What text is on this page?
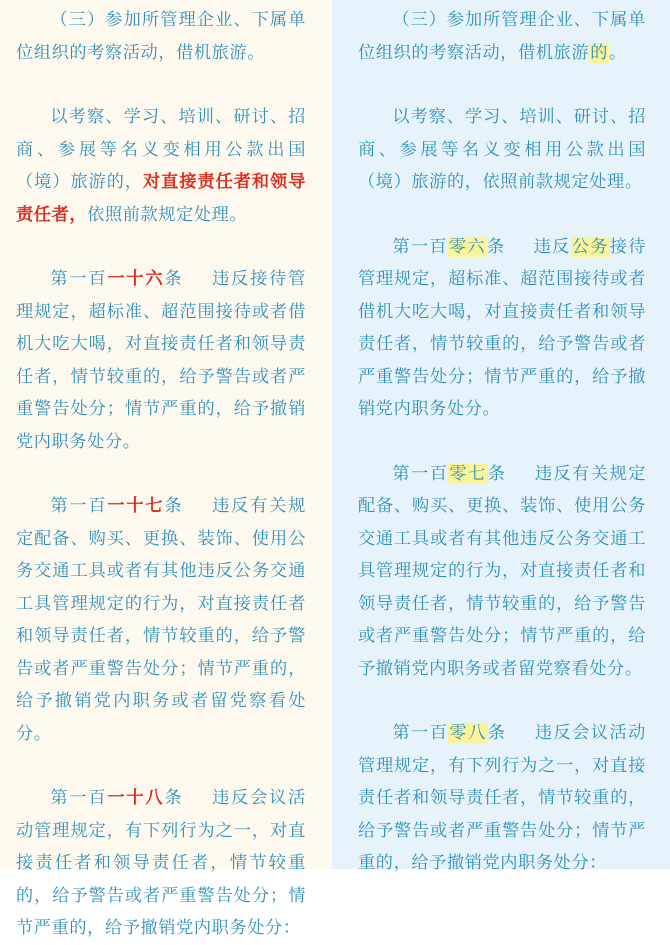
（三）参加所管理企业、下属单位组织的考察活动，借机旅游。

以考察、学习、培训、研讨、招商、参展等名义变相用公款出国（境）旅游的，对直接责任者和领导责任者，依照前款规定处理。

第一百一十六条 违反接待管理规定，超标准、超范围接待或者借机大吃大喝，对直接责任者和领导责任者，情节较重的，给予警告或者严重警告处分；情节严重的，给予撤销党内职务处分。

第一百一十七条 违反有关规定配备、购买、更换、装饰、使用公务交通工具或者有其他违反公务交通工具管理规定的行为，对直接责任者和领导责任者，情节较重的，给予警告或者严重警告处分；情节严重的，给予撤销党内职务或者留党察看处分。

第一百一十八条 违反会议活动管理规定，有下列行为之一，对直接责任者和领导责任者，情节较重的，给予警告或者严重警告处分；情节严重的，给予撤销党内职务处分：

（三）参加所管理企业、下属单位组织的考察活动，借机旅游的。

以考察、学习、培训、研讨、招商、参展等名义变相用公款出国（境）旅游的，依照前款规定处理。

第一百零六条 违反公务接待管理规定，超标准、超范围接待或者借机大吃大喝，对直接责任者和领导责任者，情节较重的，给予警告或者严重警告处分；情节严重的，给予撤销党内职务处分。

第一百零七条 违反有关规定配备、购买、更换、装饰、使用公务交通工具或者有其他违反公务交通工具管理规定的行为，对直接责任者和领导责任者，情节较重的，给予警告或者严重警告处分；情节严重的，给予撤销党内职务或者留党察看处分。

第一百零八条 违反会议活动管理规定，有下列行为之一，对直接责任者和领导责任者，情节较重的，给予警告或者严重警告处分；情节严重的，给予撤销党内职务处分：
